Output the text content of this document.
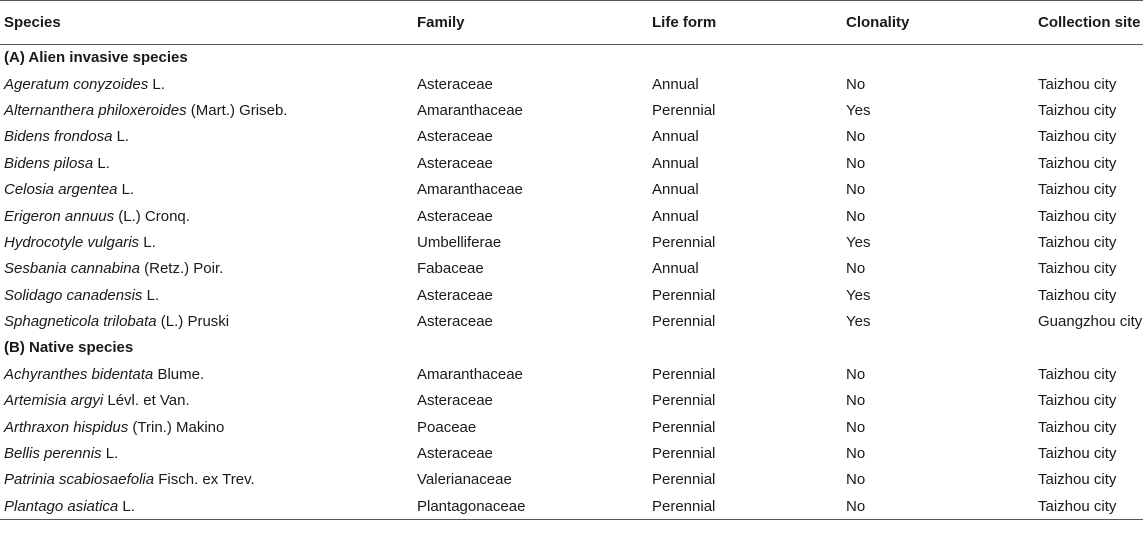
Species	Family	Life form	Clonality	Collection site
(A) Alien invasive species				
Ageratum conyzoides L.	Asteraceae	Annual	No	Taizhou city
Alternanthera philoxeroides (Mart.) Griseb.	Amaranthaceae	Perennial	Yes	Taizhou city
Bidens frondosa L.	Asteraceae	Annual	No	Taizhou city
Bidens pilosa L.	Asteraceae	Annual	No	Taizhou city
Celosia argentea L.	Amaranthaceae	Annual	No	Taizhou city
Erigeron annuus (L.) Cronq.	Asteraceae	Annual	No	Taizhou city
Hydrocotyle vulgaris L.	Umbelliferae	Perennial	Yes	Taizhou city
Sesbania cannabina (Retz.) Poir.	Fabaceae	Annual	No	Taizhou city
Solidago canadensis L.	Asteraceae	Perennial	Yes	Taizhou city
Sphagneticola trilobata (L.) Pruski	Asteraceae	Perennial	Yes	Guangzhou city
(B) Native species				
Achyranthes bidentata Blume.	Amaranthaceae	Perennial	No	Taizhou city
Artemisia argyi Lévl. et Van.	Asteraceae	Perennial	No	Taizhou city
Arthraxon hispidus (Trin.) Makino	Poaceae	Perennial	No	Taizhou city
Bellis perennis L.	Asteraceae	Perennial	No	Taizhou city
Patrinia scabiosaefolia Fisch. ex Trev.	Valerianaceae	Perennial	No	Taizhou city
Plantago asiatica L.	Plantagonaceae	Perennial	No	Taizhou city
